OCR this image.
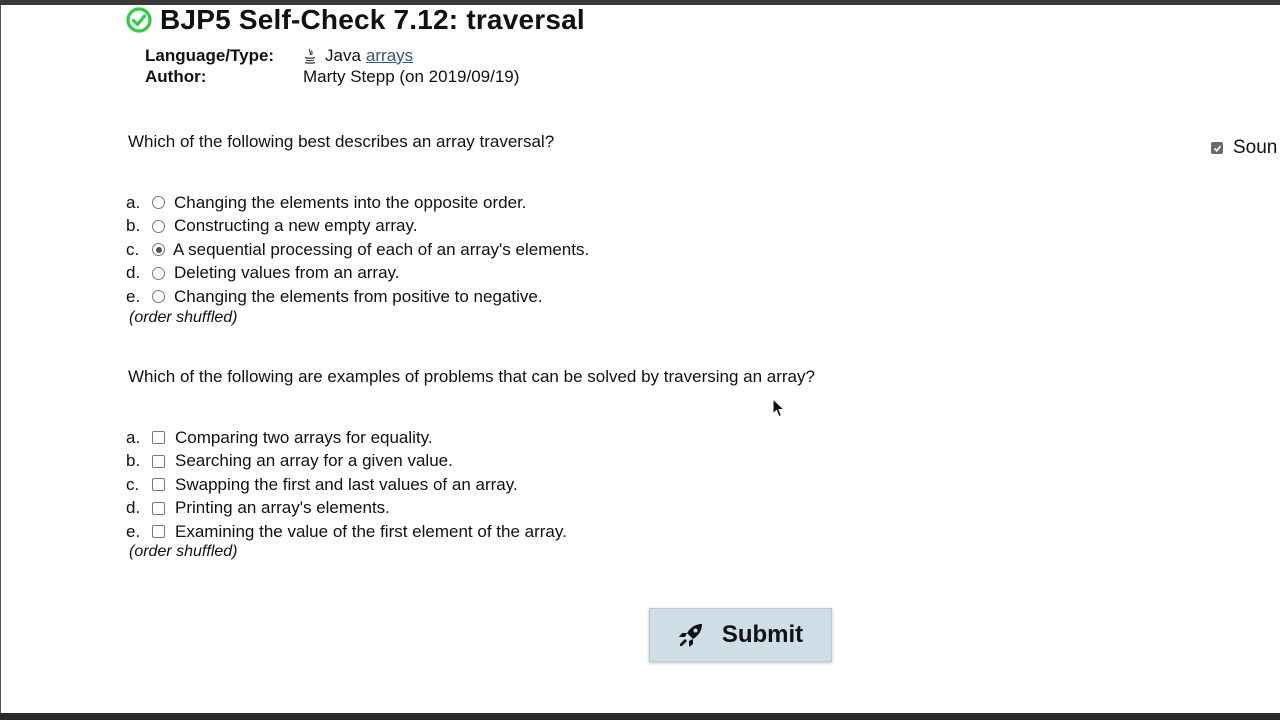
BJP5 Self-Check 7.12: traversal
Language/Type:	Java arrays
Author:	Marty Stepp (on 2019/09/19)
Soun
Which of the following best describes an array traversal?
a.	Changing the elements into the opposite order.
b.	Constructing a new empty array.
c.	A sequential processing of each of an array's elements.
d.	Deleting values from an array.
e.	Changing the elements from positive to negative.
(order shuffled)
Which of the following are examples of problems that can be solved by traversing an array?
a.	Comparing two arrays for equality.
b.	Searching an array for a given value.
c.	Swapping the first and last values of an array.
d.	Printing an array's elements.
e.	Examining the value of the first element of the array.
(order shuffled)
Submit
